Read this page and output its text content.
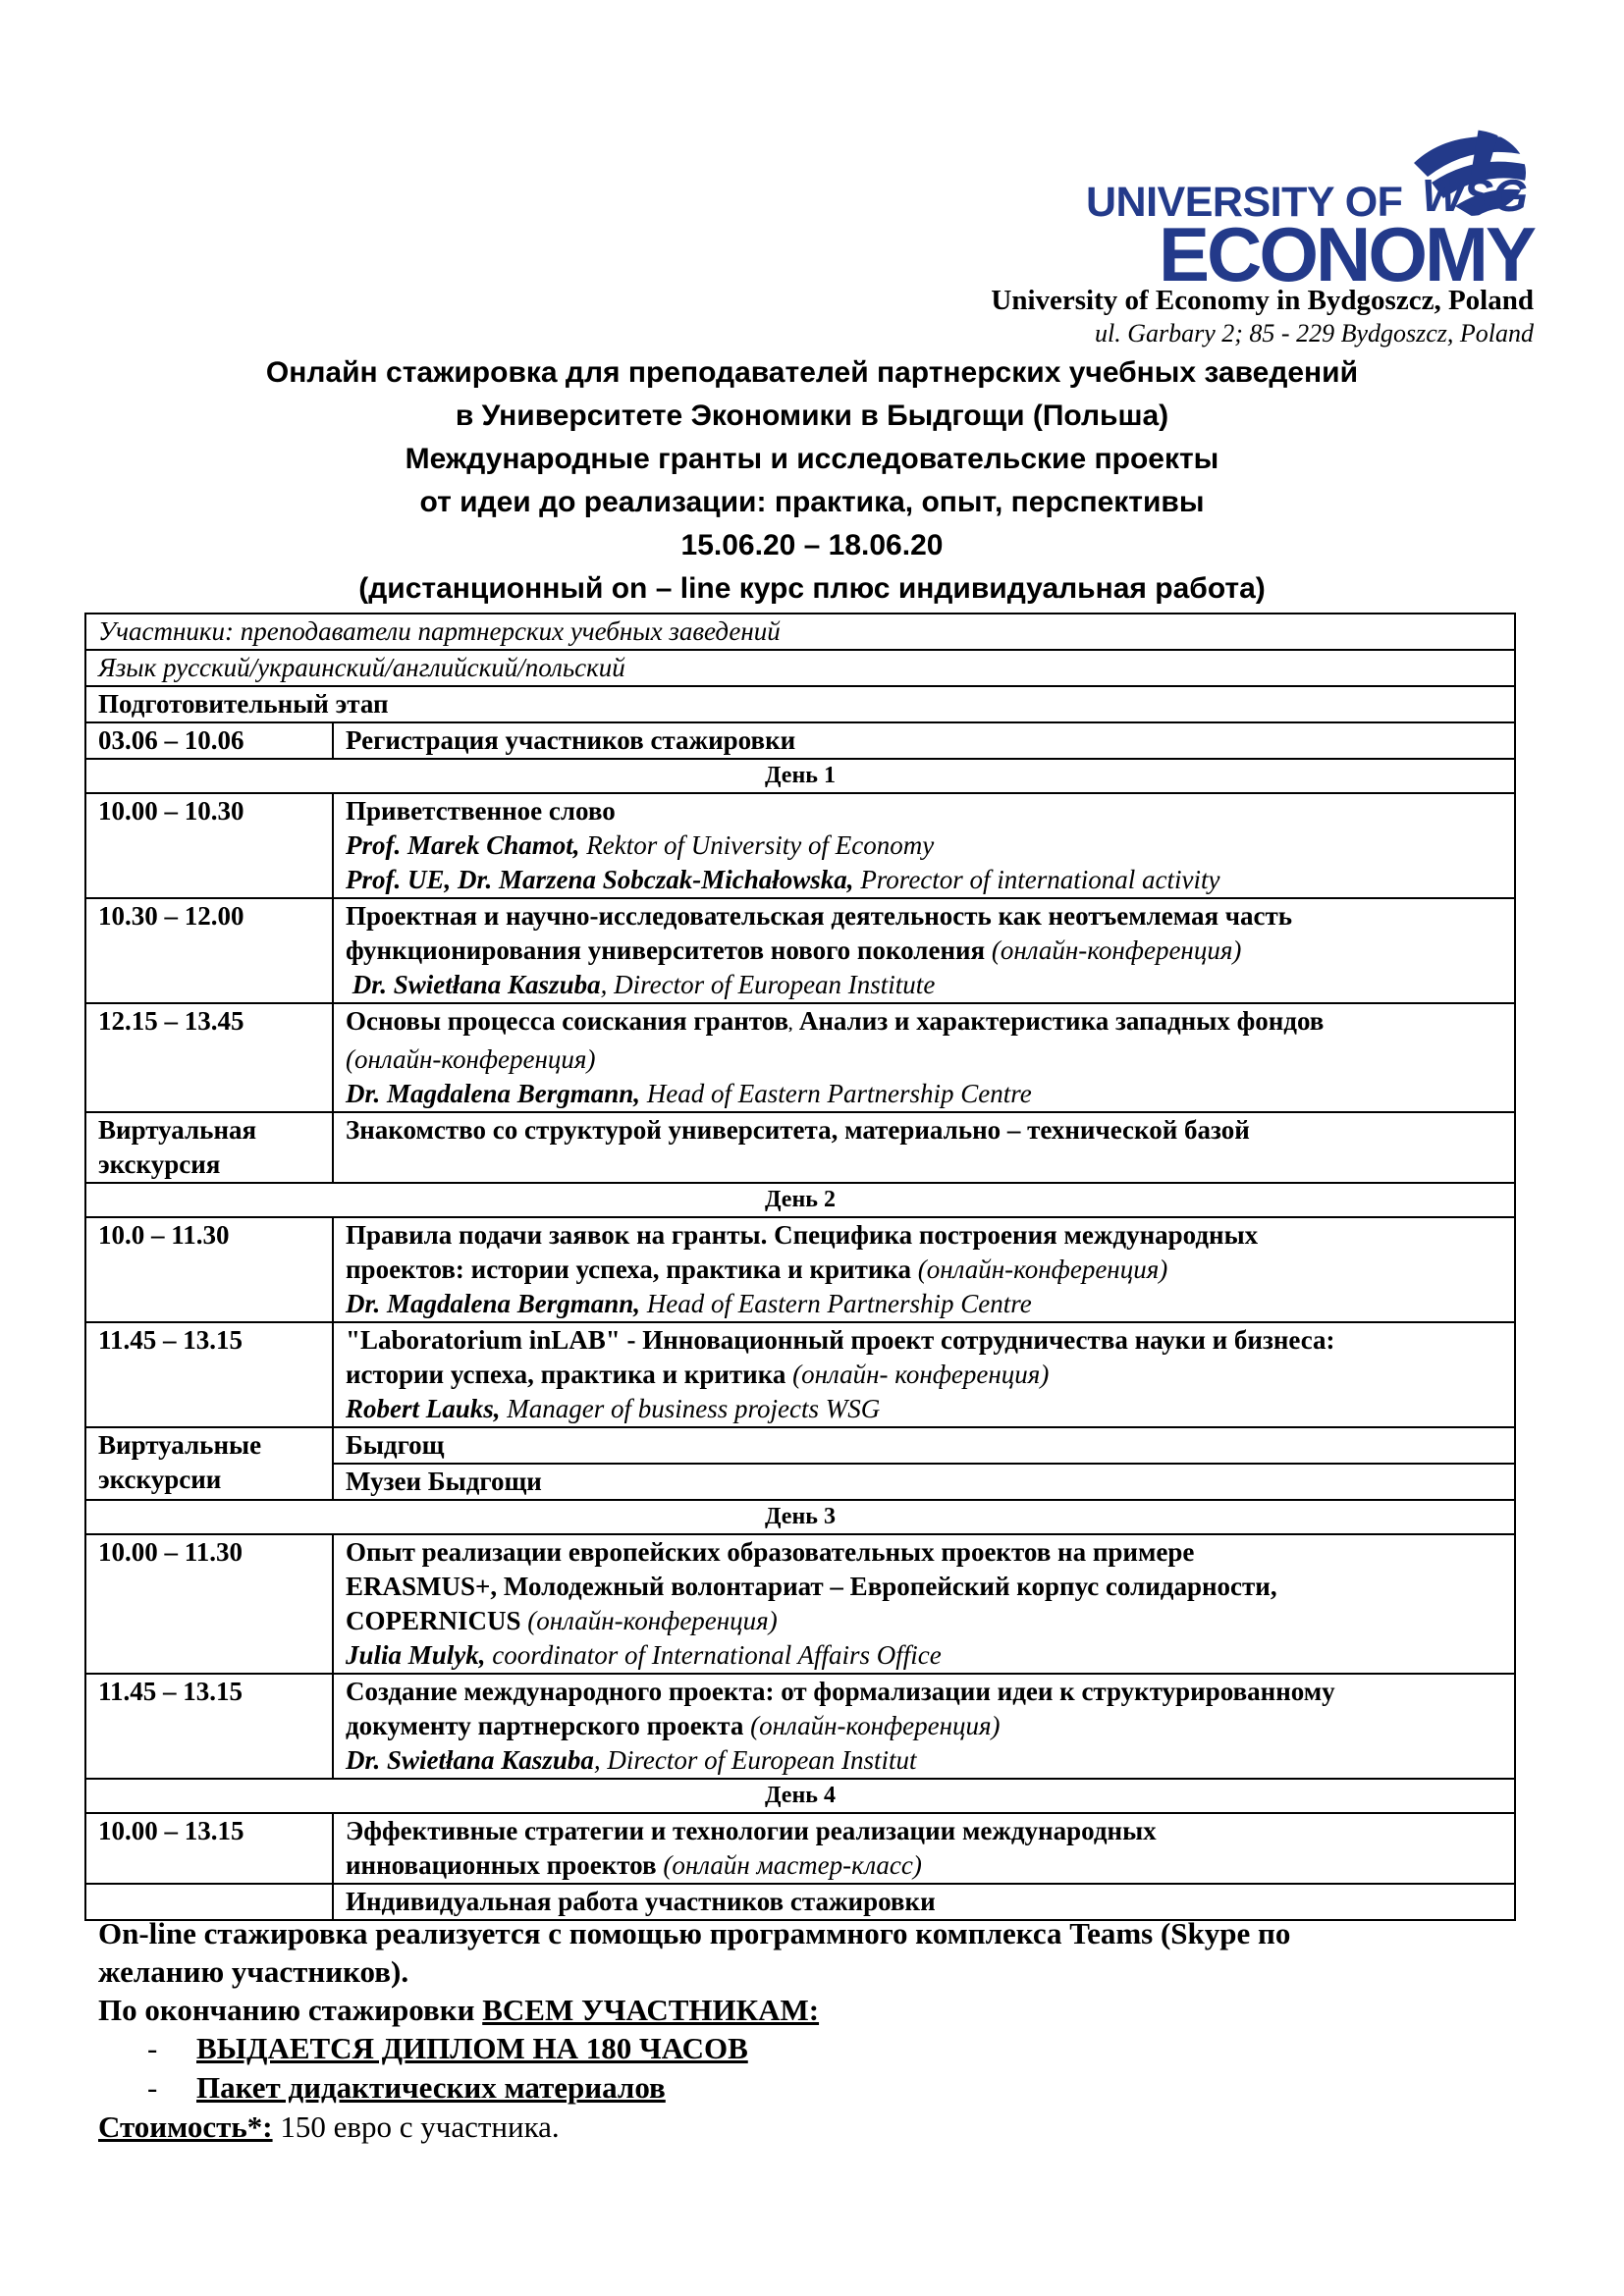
UNIVERSITY OF WSG
ECONOMY
University of Economy in Bydgoszcz, Poland
ul. Garbary 2; 85 - 229 Bydgoszcz, Poland
Онлайн стажировка для преподавателей партнерских учебных заведений
в Университете Экономики в Быдгощи (Польша)
Международные гранты и исследовательские проекты
от идеи до реализации: практика, опыт, перспективы
15.06.20 – 18.06.20
(дистанционный on – line курс плюс индивидуальная работа)
Участники: преподаватели партнерских учебных заведений	
Язык русский/украинский/английский/польский	
Подготовительный этап	
03.06 – 10.06	Регистрация участников стажировки
День 1	
10.00 – 10.30	Приветственное слово
Prof. Marek Chamot, Rektor of University of Economy
Prof. UE, Dr. Marzena Sobczak-Michałowska, Prorector of international activity

10.30 – 12.00	Проектная и научно-исследовательская деятельность как неотъемлемая часть
функционирования университетов нового поколения (онлайн-конференция)
Dr. Swietłana Kaszuba, Director of European Institute

12.15 – 13.45	Основы процесса соискания грантов, Анализ и характеристика западных фондов
(онлайн-конференция)
Dr. Magdalena Bergmann, Head of Eastern Partnership Centre

Виртуальная
экскурсия	Знакомство со структурой университета, материально – технической базой
День 2	
10.0 – 11.30	Правила подачи заявок на гранты. Специфика построения международных
проектов: истории успеха, практика и критика (онлайн-конференция)
Dr. Magdalena Bergmann, Head of Eastern Partnership Centre

11.45 – 13.15	"Laboratorium inLAB" - Инновационный проект сотрудничества науки и бизнеса:
истории успеха, практика и критика (онлайн- конференция)
Robert Lauks, Manager of business projects WSG

Виртуальные
экскурсии	Быдгощ
	Музеи Быдгощи
День 3	
10.00 – 11.30	Опыт реализации европейских образовательных проектов на примере
ERASMUS+, Молодежный волонтариат – Европейский корпус солидарности,
COPERNICUS (онлайн-конференция)
Julia Mulyk, coordinator of International Affairs Office

11.45 – 13.15	Создание международного проекта: от формализации идеи к структурированному
документу партнерского проекта (онлайн-конференция)
Dr. Swietłana Kaszuba, Director of European Institut

День 4	
10.00 – 13.15	Эффективные стратегии и технологии реализации международных
инновационных проектов (онлайн мастер-класс)

	Индивидуальная работа участников стажировки

On-line стажировка реализуется с помощью программного комплекса Teams (Skype по
желанию участников).

По окончанию стажировки ВСЕМ УЧАСТНИКАМ:

- ВЫДАЕТСЯ ДИПЛОМ НА 180 ЧАСОВ
- Пакет дидактических материалов

Стоимость*: 150 евро с участника.
